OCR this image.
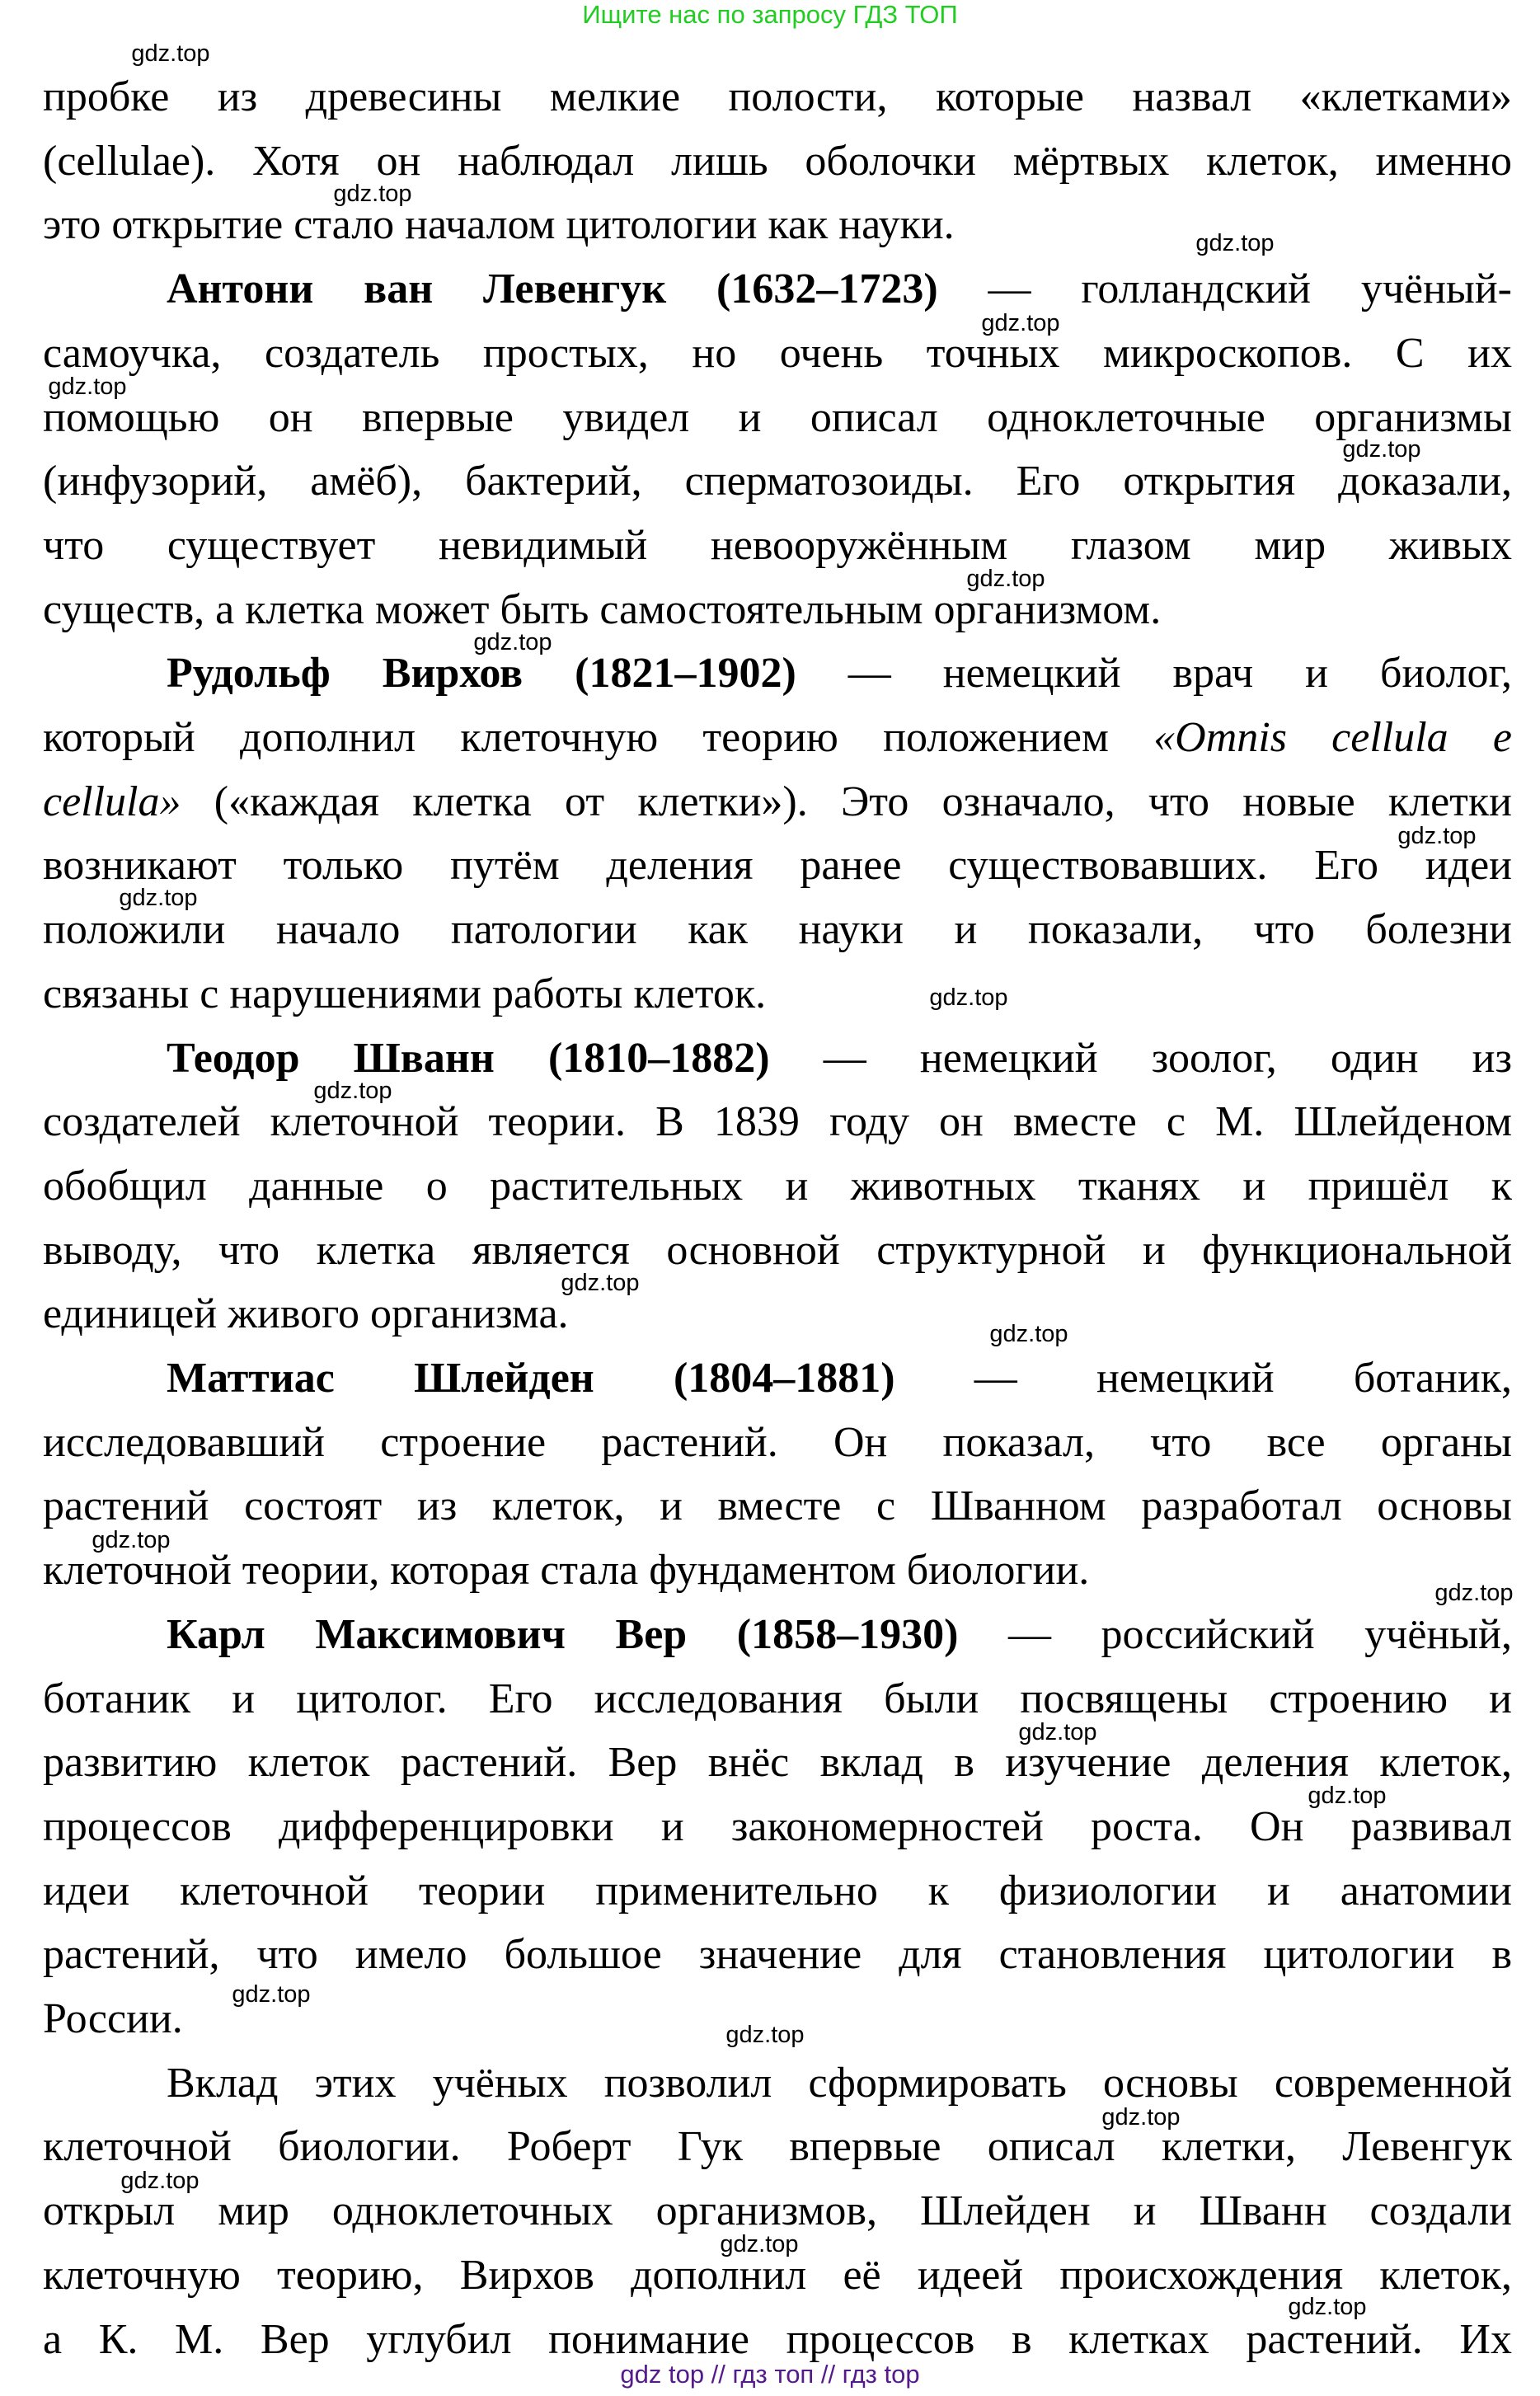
Ищите нас по запросу ГДЗ ТОП
пробке из древесины мелкие полости, которые назвал «клетками»
(cellulae). Хотя он наблюдал лишь оболочки мёртвых клеток, именно
это открытие стало началом цитологии как науки.
Антони ван Левенгук (1632–1723) — голландский учёный-
самоучка, создатель простых, но очень точных микроскопов. С их
помощью он впервые увидел и описал одноклеточные организмы
(инфузорий, амёб), бактерий, сперматозоиды. Его открытия доказали,
что существует невидимый невооружённым глазом мир живых
существ, а клетка может быть самостоятельным организмом.
Рудольф Вирхов (1821–1902) — немецкий врач и биолог,
который дополнил клеточную теорию положением «Omnis cellula e
cellula» («каждая клетка от клетки»). Это означало, что новые клетки
возникают только путём деления ранее существовавших. Его идеи
положили начало патологии как науки и показали, что болезни
связаны с нарушениями работы клеток.
Теодор Шванн (1810–1882) — немецкий зоолог, один из
создателей клеточной теории. В 1839 году он вместе с М. Шлейденом
обобщил данные о растительных и животных тканях и пришёл к
выводу, что клетка является основной структурной и функциональной
единицей живого организма.
Маттиас Шлейден (1804–1881) — немецкий ботаник,
исследовавший строение растений. Он показал, что все органы
растений состоят из клеток, и вместе с Шванном разработал основы
клеточной теории, которая стала фундаментом биологии.
Карл Максимович Вер (1858–1930) — российский учёный,
ботаник и цитолог. Его исследования были посвящены строению и
развитию клеток растений. Вер внёс вклад в изучение деления клеток,
процессов дифференцировки и закономерностей роста. Он развивал
идеи клеточной теории применительно к физиологии и анатомии
растений, что имело большое значение для становления цитологии в
России.
Вклад этих учёных позволил сформировать основы современной
клеточной биологии. Роберт Гук впервые описал клетки, Левенгук
открыл мир одноклеточных организмов, Шлейден и Шванн создали
клеточную теорию, Вирхов дополнил её идеей происхождения клеток,
а К. М. Вер углубил понимание процессов в клетках растений. Их
gdz.top
gdz.top
gdz.top
gdz.top
gdz.top
gdz.top
gdz.top
gdz.top
gdz.top
gdz.top
gdz.top
gdz.top
gdz.top
gdz.top
gdz.top
gdz.top
gdz.top
gdz.top
gdz.top
gdz.top
gdz.top
gdz.top
gdz.top
gdz.top
gdz top // гдз топ // гдз top
